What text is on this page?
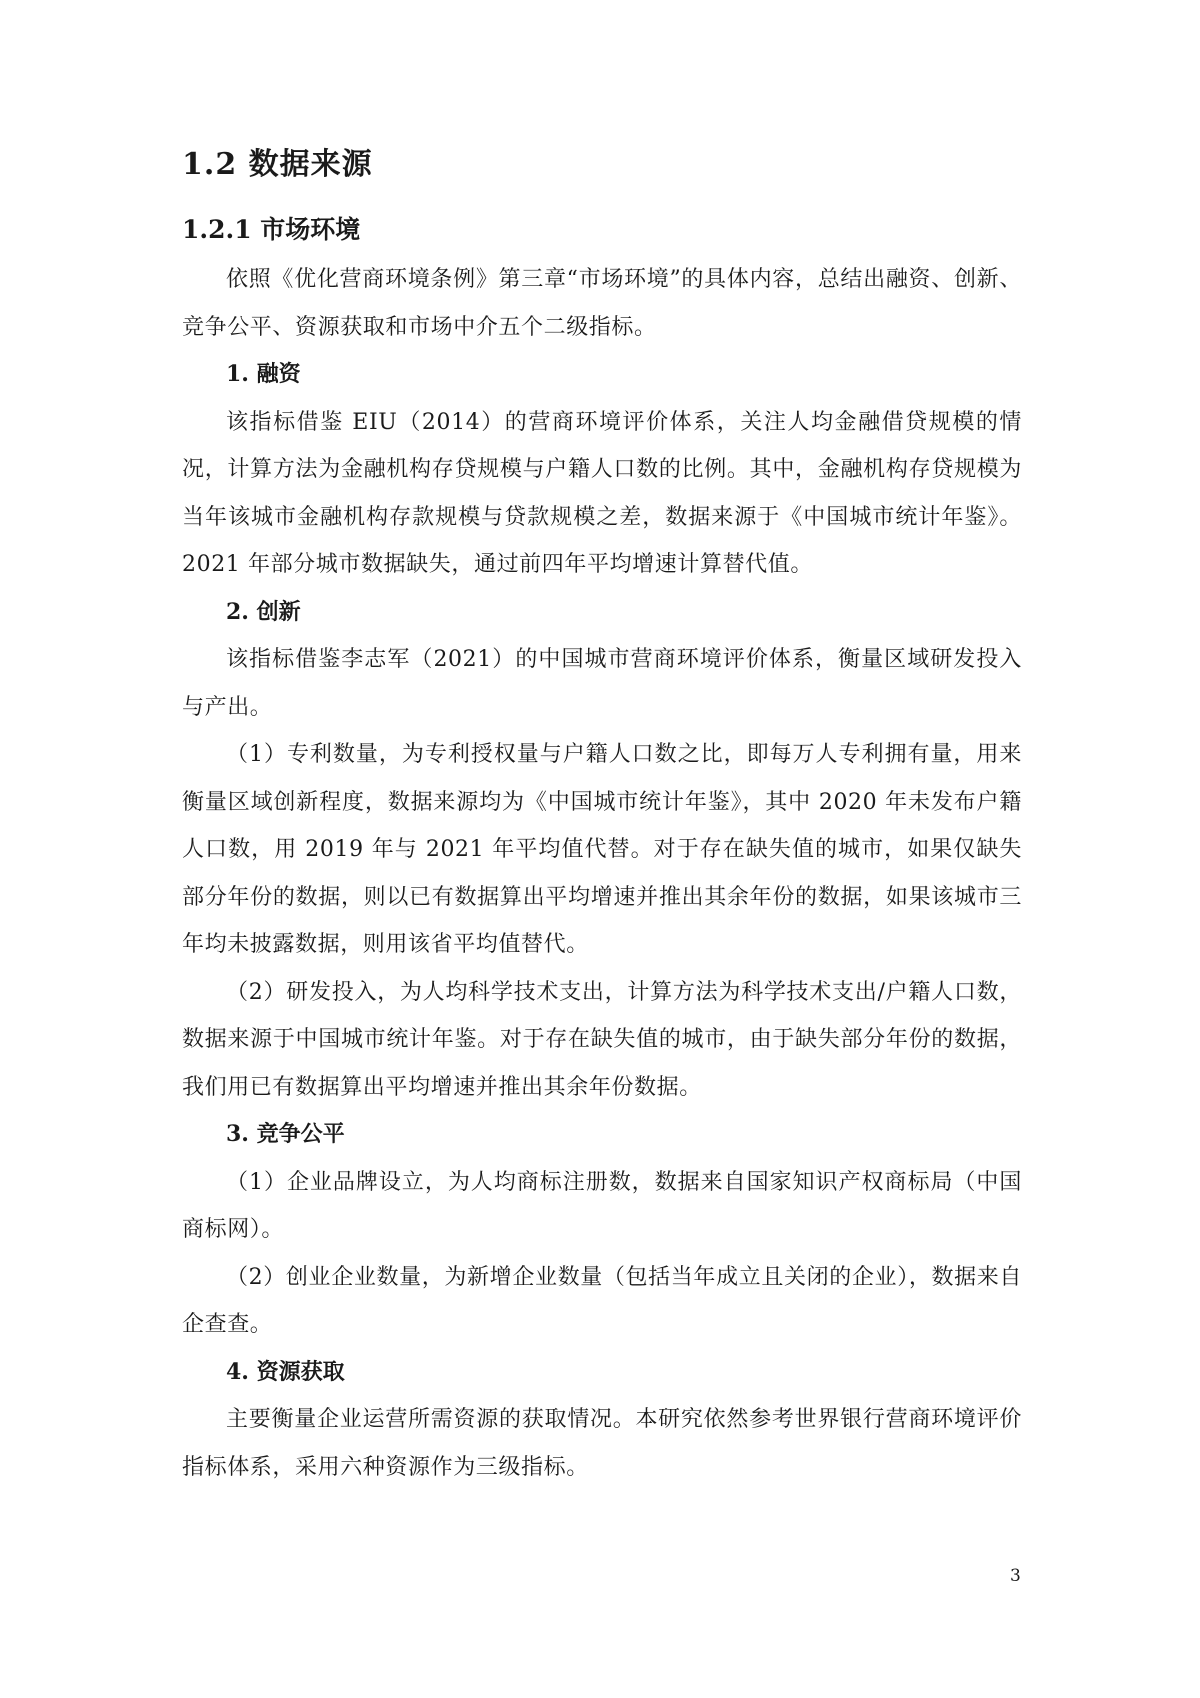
1.2 数据来源
1.2.1 市场环境

依照《优化营商环境条例》第三章“市场环境”的具体内容，总结出融资、创新、竞争公平、资源获取和市场中介五个二级指标。

1. 融资

该指标借鉴 EIU（2014）的营商环境评价体系，关注人均金融借贷规模的情况，计算方法为金融机构存贷规模与户籍人口数的比例。其中，金融机构存贷规模为当年该城市金融机构存款规模与贷款规模之差，数据来源于《中国城市统计年鉴》。2021 年部分城市数据缺失，通过前四年平均增速计算替代值。

2. 创新

该指标借鉴李志军（2021）的中国城市营商环境评价体系，衡量区域研发投入与产出。

（1）专利数量，为专利授权量与户籍人口数之比，即每万人专利拥有量，用来衡量区域创新程度，数据来源均为《中国城市统计年鉴》，其中 2020 年未发布户籍人口数，用 2019 年与 2021 年平均值代替。对于存在缺失值的城市，如果仅缺失部分年份的数据，则以已有数据算出平均增速并推出其余年份的数据，如果该城市三年均未披露数据，则用该省平均值替代。

（2）研发投入，为人均科学技术支出，计算方法为科学技术支出/户籍人口数，数据来源于中国城市统计年鉴。对于存在缺失值的城市，由于缺失部分年份的数据，我们用已有数据算出平均增速并推出其余年份数据。

3. 竞争公平

（1）企业品牌设立，为人均商标注册数，数据来自国家知识产权商标局（中国商标网）。

（2）创业企业数量，为新增企业数量（包括当年成立且关闭的企业），数据来自企查查。

4. 资源获取

主要衡量企业运营所需资源的获取情况。本研究依然参考世界银行营商环境评价指标体系，采用六种资源作为三级指标。

3
